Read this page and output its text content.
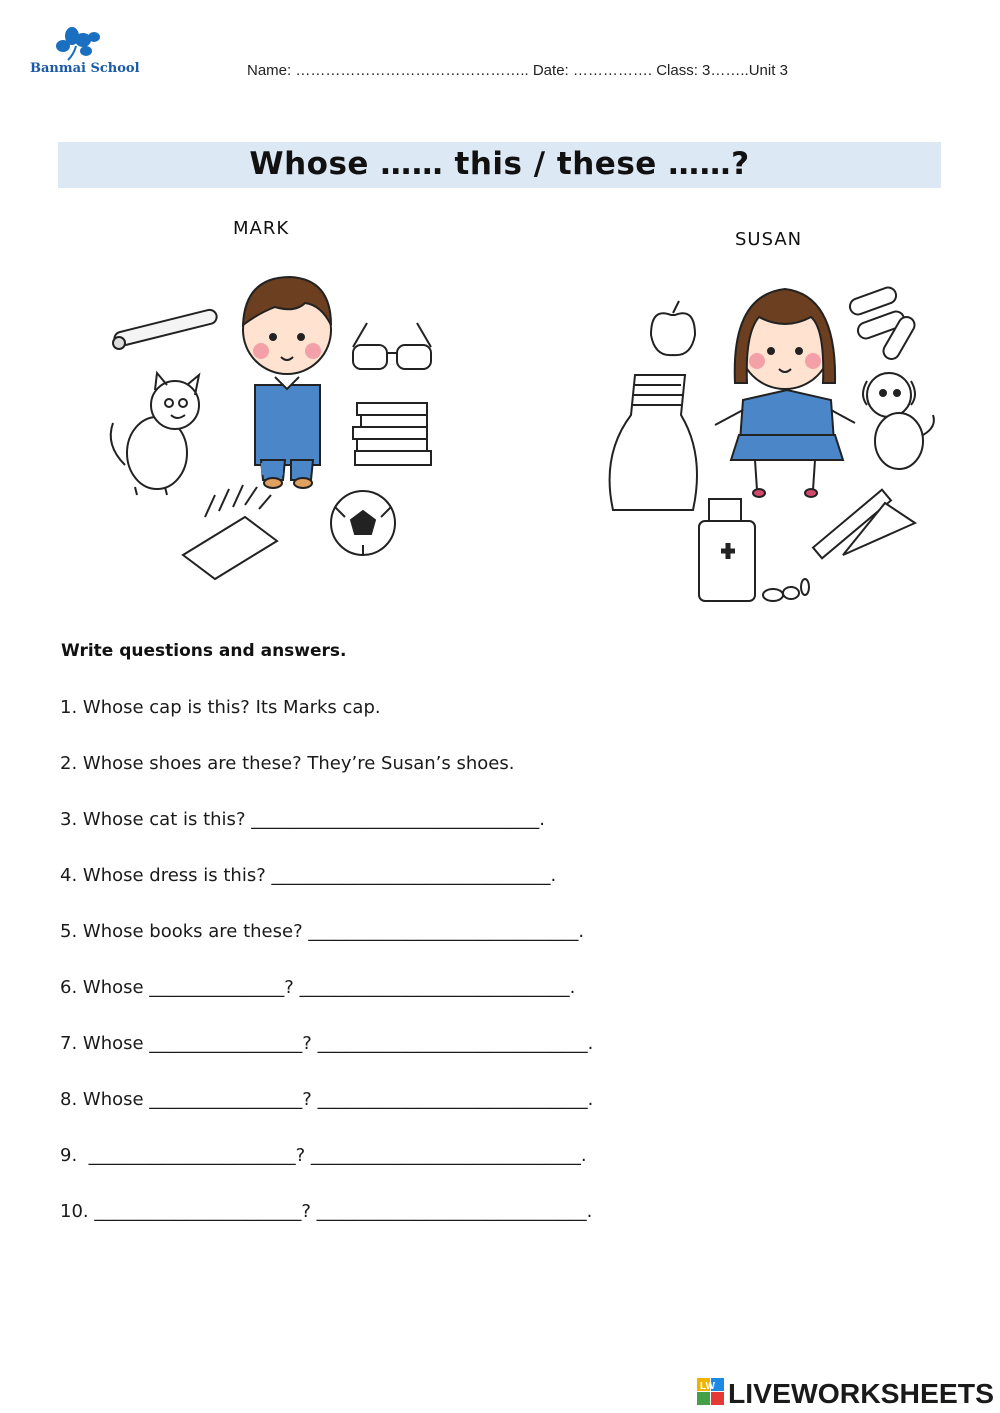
Banmai School	Name: ……………………………………….. Date: ……………. Class: 3……..Unit 3
Whose …… this / these ……?
MARK
SUSAN
Write questions and answers.
1. Whose cap is this? Its Marks cap.
2. Whose shoes are these? They’re Susan’s shoes.
3. Whose cat is this? ________________________________.
4. Whose dress is this? _______________________________.
5. Whose books are these? ______________________________.
6. Whose _______________? ______________________________.
7. Whose _________________? ______________________________.
8. Whose _________________? ______________________________.
9.  _______________________? ______________________________.
10. _______________________? ______________________________.
LW LIVEWORKSHEETS
